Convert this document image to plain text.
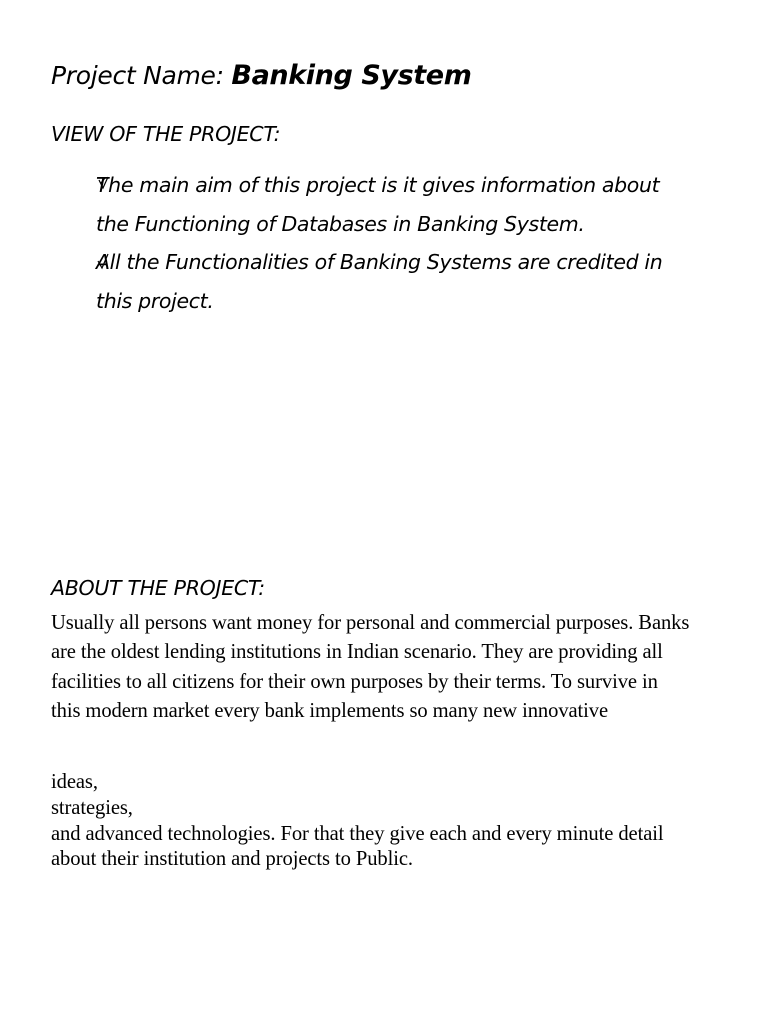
Project Name: Banking System
VIEW OF THE PROJECT:
The main aim of this project is it gives information about the Functioning of Databases in Banking System.
All the Functionalities of Banking Systems are credited in this project.
ABOUT THE PROJECT:

Usually all persons want money for personal and commercial purposes. Banks are the oldest lending institutions in Indian scenario. They are providing all facilities to all citizens for their own purposes by their terms. To survive in this modern market every bank implements so many new innovative

ideas,
strategies,
and advanced technologies. For that they give each and every minute detail about their institution and projects to Public.
